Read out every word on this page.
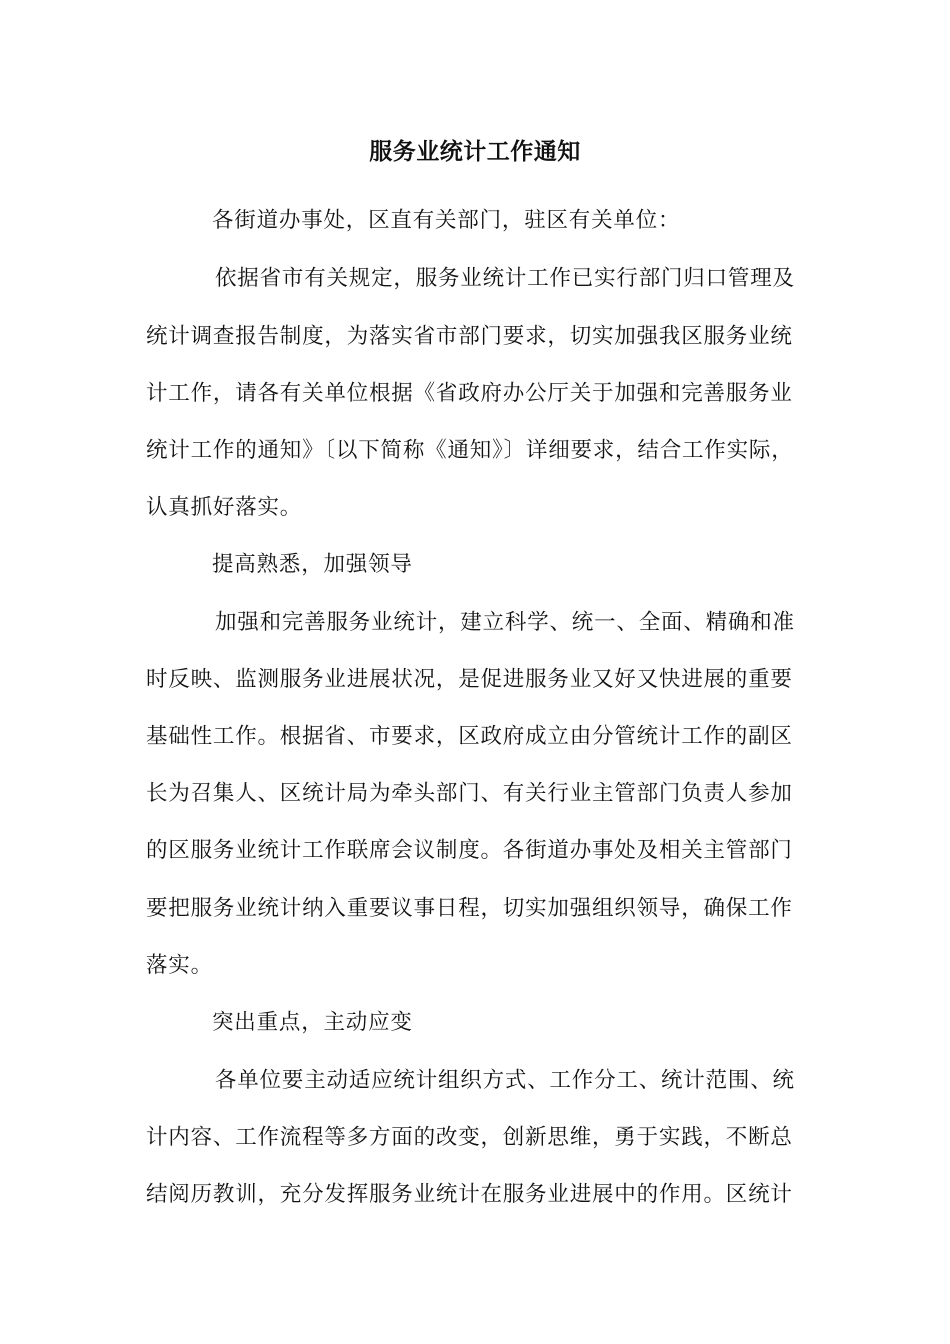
服务业统计工作通知
各街道办事处，区直有关部门，驻区有关单位：
依据省市有关规定，服务业统计工作已实行部门归口管理及
统计调查报告制度，为落实省市部门要求，切实加强我区服务业统
计工作，请各有关单位根据《省政府办公厅关于加强和完善服务业
统计工作的通知》〔以下简称《通知》〕详细要求，结合工作实际，
认真抓好落实。
提高熟悉，加强领导
加强和完善服务业统计，建立科学、统一、全面、精确和准
时反映、监测服务业进展状况，是促进服务业又好又快进展的重要
基础性工作。根据省、市要求，区政府成立由分管统计工作的副区
长为召集人、区统计局为牵头部门、有关行业主管部门负责人参加
的区服务业统计工作联席会议制度。各街道办事处及相关主管部门
要把服务业统计纳入重要议事日程，切实加强组织领导，确保工作
落实。
突出重点，主动应变
各单位要主动适应统计组织方式、工作分工、统计范围、统
计内容、工作流程等多方面的改变，创新思维，勇于实践，不断总
结阅历教训，充分发挥服务业统计在服务业进展中的作用。区统计
